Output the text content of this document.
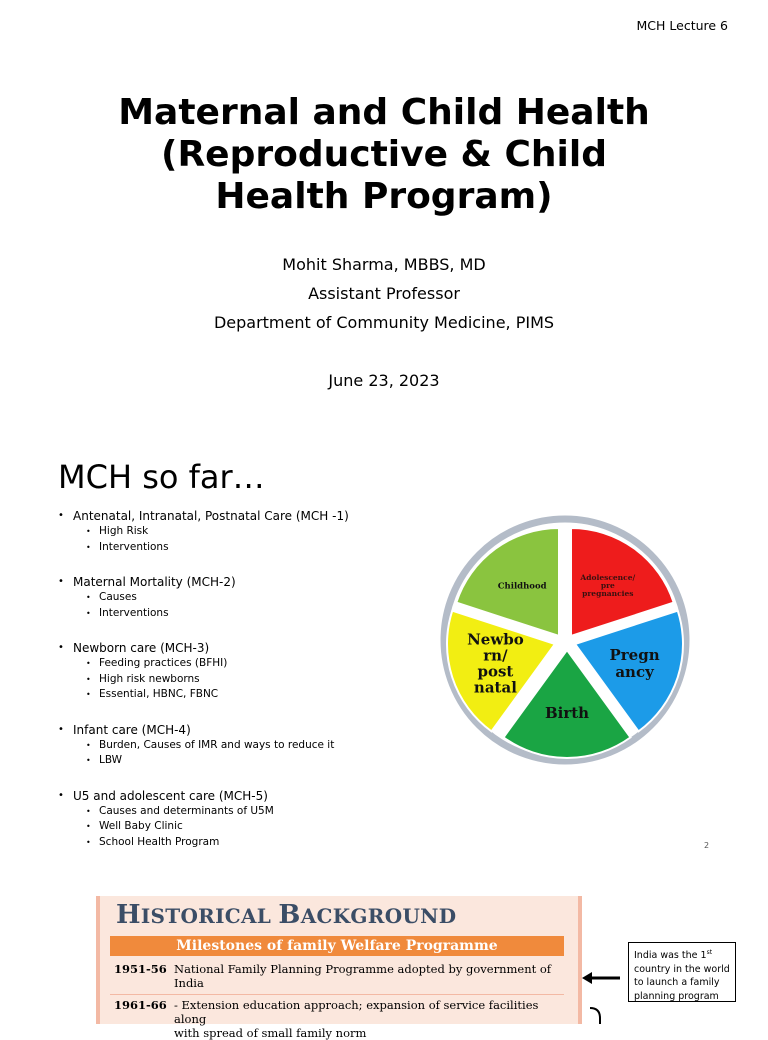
MCH Lecture 6
Maternal and Child Health
(Reproductive & Child
Health Program)
Mohit Sharma, MBBS, MD
Assistant Professor
Department of Community Medicine, PIMS
June 23, 2023
MCH so far…
• Antenatal, Intranatal, Postnatal Care (MCH -1)
• High Risk
• Interventions
• Maternal Mortality (MCH-2)
• Causes
• Interventions
• Newborn care (MCH-3)
• Feeding practices (BFHI)
• High risk newborns
• Essential, HBNC, FBNC
• Infant care (MCH-4)
• Burden, Causes of IMR and ways to reduce it
• LBW
• U5 and adolescent care (MCH-5)
• Causes and determinants of U5M
• Well Baby Clinic
• School Health Program
Adolescence/ pre pregnancies
Pregn ancy
Birth
Newbo rn/ post natal
Childhood
2
HISTORICAL BACKGROUND
Milestones of family Welfare Programme
1951-56 National Family Planning Programme adopted by government of
India
1961-66 - Extension education approach; expansion of service facilities along
with spread of small family norm
India was the 1st country in the world to launch a family planning program
